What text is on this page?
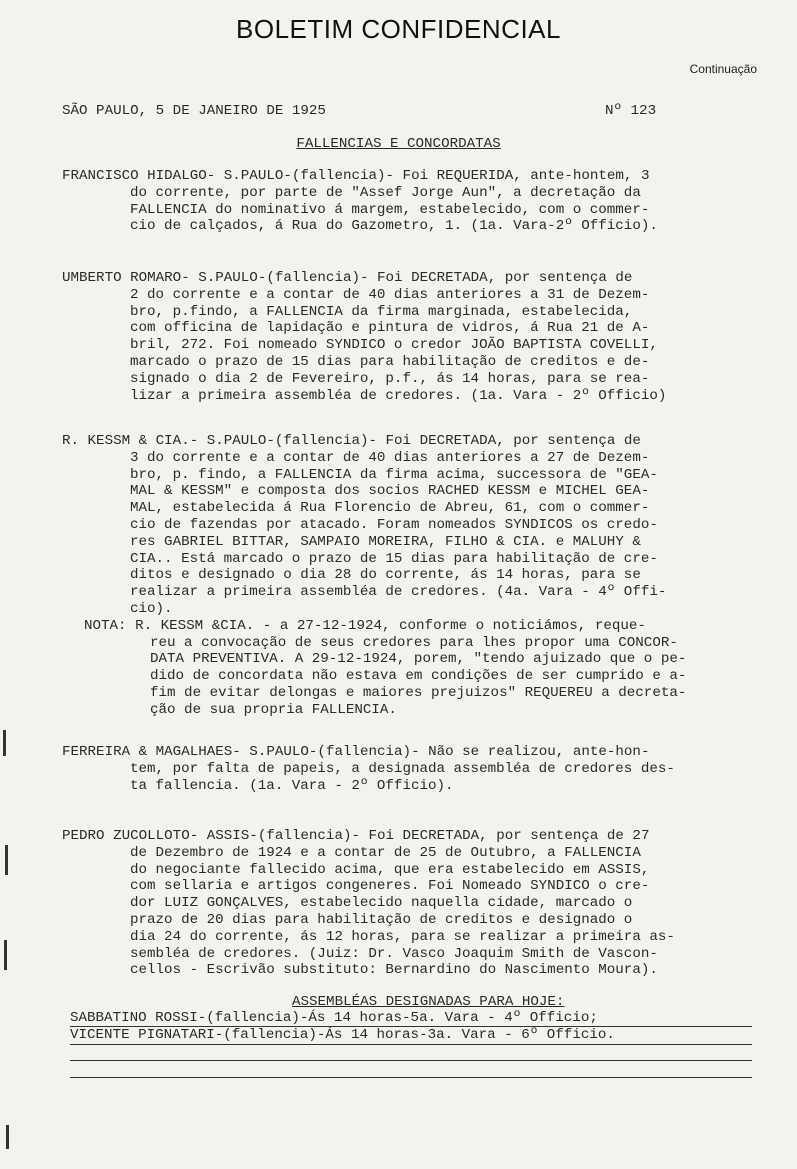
BOLETIM CONFIDENCIAL
Continuação
SÃO PAULO, 5 DE JANEIRO DE 1925	Nº 123
FALLENCIAS E CONCORDATAS
FRANCISCO HIDALGO- S.PAULO-(fallencia)- Foi REQUERIDA, ante-hontem, 3
do corrente, por parte de "Assef Jorge Aun", a decretação da
FALLENCIA do nominativo á margem, estabelecido, com o commer-
cio de calçados, á Rua do Gazometro, 1. (1a. Vara-2º Officio).
UMBERTO ROMARO- S.PAULO-(fallencia)- Foi DECRETADA, por sentença de
2 do corrente e a contar de 40 dias anteriores a 31 de Dezem-
bro, p.findo, a FALLENCIA da firma marginada, estabelecida,
com officina de lapidação e pintura de vidros, á Rua 21 de A-
bril, 272. Foi nomeado SYNDICO o credor JOÃO BAPTISTA COVELLI,
marcado o prazo de 15 dias para habilitação de creditos e de-
signado o dia 2 de Fevereiro, p.f., ás 14 horas, para se rea-
lizar a primeira assembléa de credores. (1a. Vara - 2º Officio)
R. KESSM & CIA.- S.PAULO-(fallencia)- Foi DECRETADA, por sentença de
3 do corrente e a contar de 40 dias anteriores a 27 de Dezem-
bro, p. findo, a FALLENCIA da firma acima, successora de "GEA-
MAL & KESSM" e composta dos socios RACHED KESSM e MICHEL GEA-
MAL, estabelecida á Rua Florencio de Abreu, 61, com o commer-
cio de fazendas por atacado. Foram nomeados SYNDICOS os credo-
res GABRIEL BITTAR, SAMPAIO MOREIRA, FILHO & CIA. e MALUHY &
CIA.. Está marcado o prazo de 15 dias para habilitação de cre-
ditos e designado o dia 28 do corrente, ás 14 horas, para se
realizar a primeira assembléa de credores. (4a. Vara - 4º Offi-
cio).
NOTA: R. KESSM &CIA. - a 27-12-1924, conforme o noticiámos, reque-
reu a convocação de seus credores para lhes propor uma CONCOR-
DATA PREVENTIVA. A 29-12-1924, porem, "tendo ajuizado que o pe-
dido de concordata não estava em condições de ser cumprido e a-
fim de evitar delongas e maiores prejuizos" REQUEREU a decreta-
ção de sua propria FALLENCIA.
FERREIRA & MAGALHAES- S.PAULO-(fallencia)- Não se realizou, ante-hon-
tem, por falta de papeis, a designada assembléa de credores des-
ta fallencia. (1a. Vara - 2º Officio).
PEDRO ZUCOLLOTO- ASSIS-(fallencia)- Foi DECRETADA, por sentença de 27
de Dezembro de 1924 e a contar de 25 de Outubro, a FALLENCIA
do negociante fallecido acima, que era estabelecido em ASSIS,
com sellaria e artigos congeneres. Foi Nomeado SYNDICO o cre-
dor LUIZ GONÇALVES, estabelecido naquella cidade, marcado o
prazo de 20 dias para habilitação de creditos e designado o
dia 24 do corrente, ás 12 horas, para se realizar a primeira as-
sembléa de credores. (Juiz: Dr. Vasco Joaquim Smith de Vascon-
cellos - Escrivão substituto: Bernardino do Nascimento Moura).
ASSEMBLÉAS DESIGNADAS PARA HOJE:
SABBATINO ROSSI-(fallencia)-Ás 14 horas-5a. Vara - 4º Officio;
VICENTE PIGNATARI-(fallencia)-Ás 14 horas-3a. Vara - 6º Officio.
